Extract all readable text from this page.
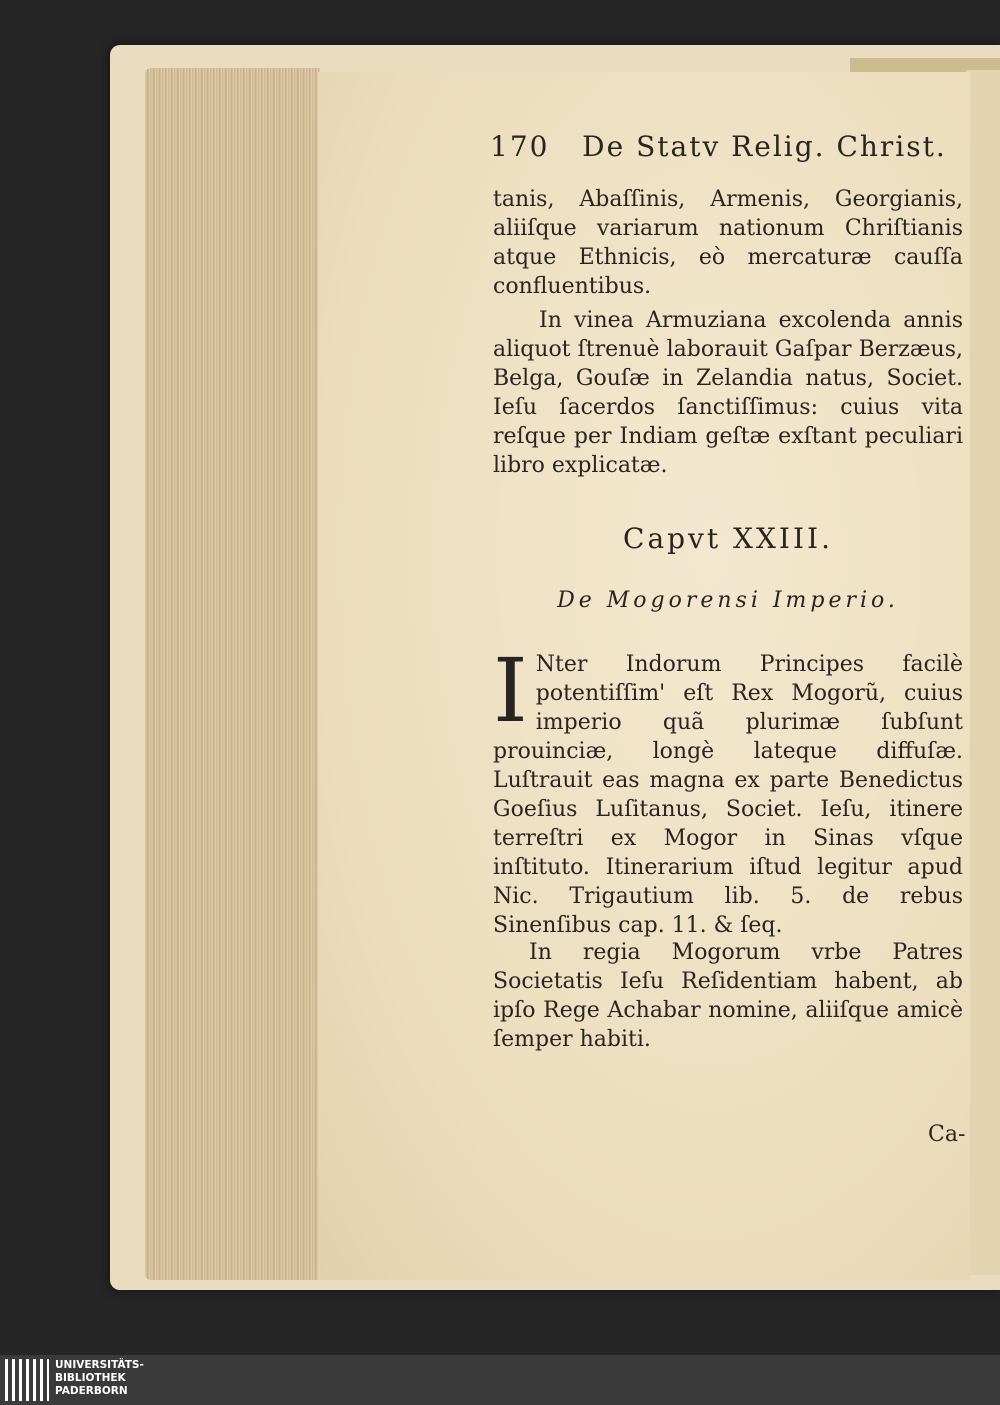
170 De Statv Relig. Christ.

tanis, Abaſſinis, Armenis, Georgianis, aliiſque variarum nationum Chriſtianis atque Ethnicis, eò mercaturæ cauſſa confluentibus.

In vinea Armuziana excolenda annis aliquot ſtrenuè laborauit Gaſpar Berzæus, Belga, Gouſæ in Zelandia natus, Societ. Ieſu ſacerdos ſanctiſſimus: cuius vita reſque per Indiam geſtæ exſtant peculiari libro explicatæ.

Capvt XXIII.
De Mogorensi Imperio.
I Nter Indorum Principes facilè potentiſſim' eſt Rex Mogorũ, cuius imperio quã plurimæ ſubſunt prouinciæ, longè lateque diffuſæ. Luſtrauit eas magna ex parte Benedictus Goeſius Luſitanus, Societ. Ieſu, itinere terreſtri ex Mogor in Sinas vſque inſtituto. Itinerarium iſtud legitur apud Nic. Trigautium lib. 5. de rebus Sinenſibus cap. 11. & ſeq.

In regia Mogorum vrbe Patres Societatis Ieſu Reſidentiam habent, ab ipſo Rege Achabar nomine, aliiſque amicè ſemper habiti.

Ca-
UNIVERSITÄTS-
BIBLIOTHEK
PADERBORN
